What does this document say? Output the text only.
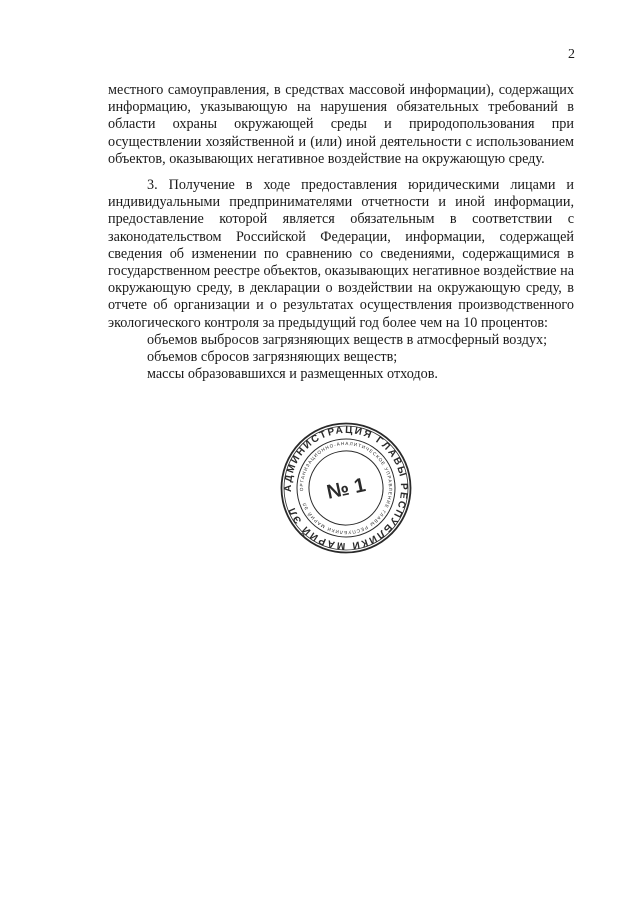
2

местного самоуправления, в средствах массовой информации), содержащих информацию, указывающую на нарушения обязательных требований в области охраны окружающей среды и природопользования при осуществлении хозяйственной и (или) иной деятельности с использованием объектов, оказывающих негативное воздействие на окружающую среду.

3. Получение в ходе предоставления юридическими лицами и индивидуальными предпринимателями отчетности и иной информации, предоставление которой является обязательным в соответствии с законодательством Российской Федерации, информации, содержащей сведения об изменении по сравнению со сведениями, содержащимися в государственном реестре объектов, оказывающих негативное воздействие на окружающую среду, в декларации о воздействии на окружающую среду, в отчете об организации и о результатах осуществления производственного экологического контроля за предыдущий год более чем на 10 процентов:

объемов выбросов загрязняющих веществ в атмосферный воздух;

объемов сбросов загрязняющих веществ;

массы образовавшихся и размещенных отходов.

АДМИНИСТРАЦИЯ ГЛАВЫ РЕСПУБЛИКИ МАРИЙ ЭЛ
ОРГАНИЗАЦИОННО-АНАЛИТИЧЕСКОЕ УПРАВЛЕНИЕ ГЛАВЫ РЕСПУБЛИКИ МАРИЙ ЭЛ
№ 1
